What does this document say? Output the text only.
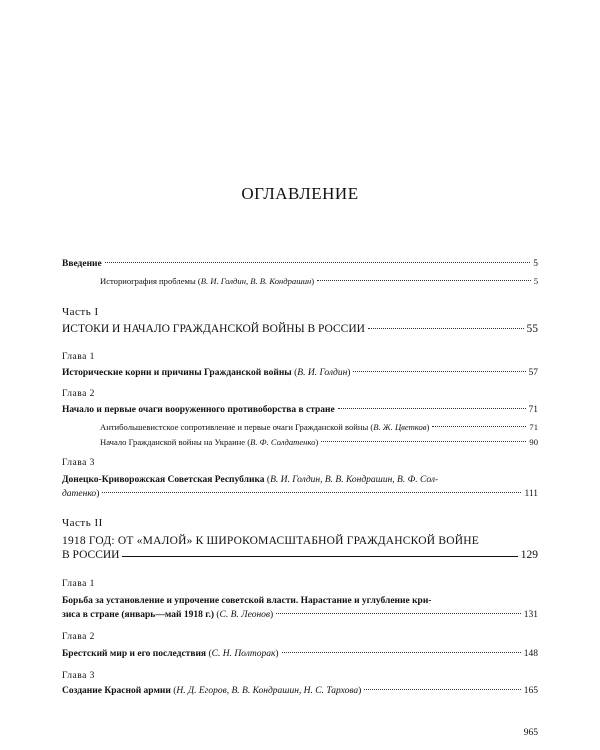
ОГЛАВЛЕНИЕ
Введение	5
Историография проблемы (В. И. Голдин, В. В. Кондрашин)	5
Часть I
ИСТОКИ И НАЧАЛО ГРАЖДАНСКОЙ ВОЙНЫ В РОССИИ	55
Глава 1
Исторические корни и причины Гражданской войны (В. И. Голдин)	57
Глава 2
Начало и первые очаги вооруженного противоборства в стране	71
Антибольшевистское сопротивление и первые очаги Гражданской войны (В. Ж. Цветков)	71
Начало Гражданской войны на Украине (В. Ф. Солдатенко)	90
Глава 3
Донецко-Криворожская Советская Республика (В. И. Голдин, В. В. Кондрашин, В. Ф. Сол-
датенко)	111
Часть II
1918 ГОД: ОТ «МАЛОЙ» К ШИРОКОМАСШТАБНОЙ ГРАЖДАНСКОЙ ВОЙНЕ
В РОССИИ	129
Глава 1
Борьба за установление и упрочение советской власти. Нарастание и углубление кри-
зиса в стране (январь—май 1918 г.) (С. В. Леонов)	131
Глава 2
Брестский мир и его последствия (С. Н. Полторак)	148
Глава 3
Создание Красной армии (Н. Д. Егоров, В. В. Кондрашин, Н. С. Тархова)	165
965
